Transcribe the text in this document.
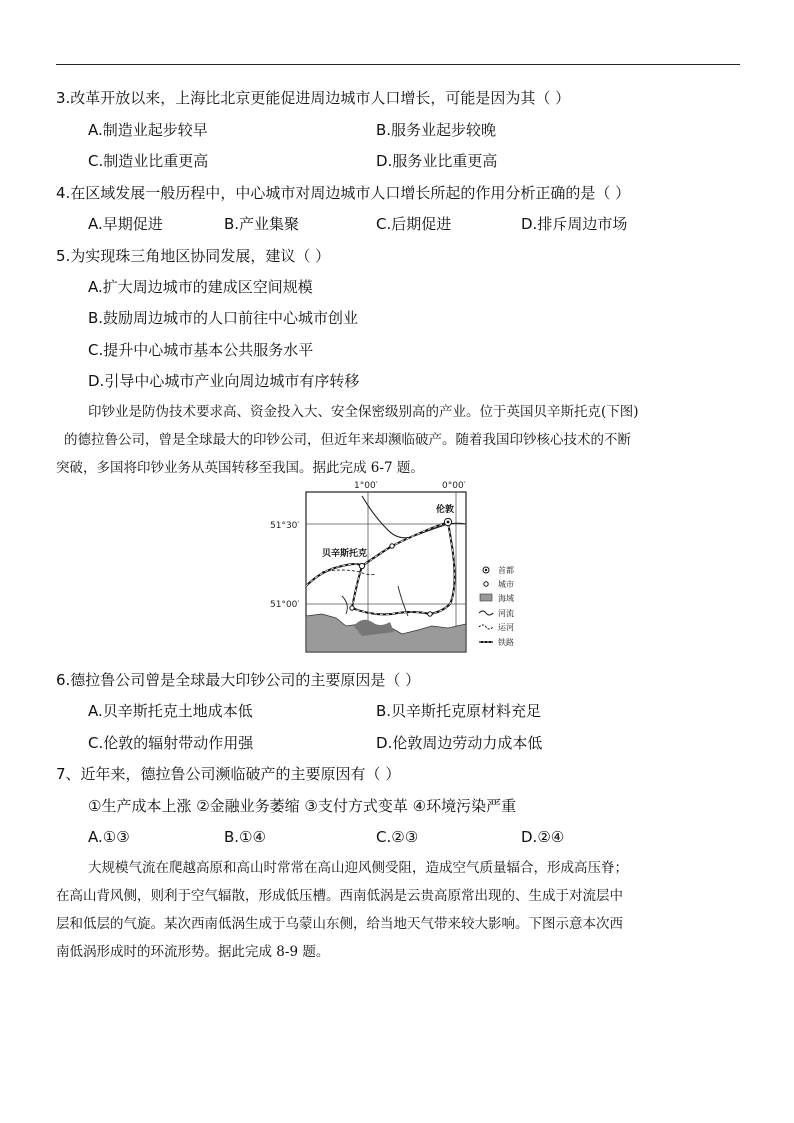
3.改革开放以来，上海比北京更能促进周边城市人口增长，可能是因为其（ ）
A.制造业起步较早	B.服务业起步较晚
C.制造业比重更高	D.服务业比重更高
4.在区域发展一般历程中，中心城市对周边城市人口增长所起的作用分析正确的是（ ）
A.早期促进	B.产业集聚	C.后期促进	D.排斥周边市场
5.为实现珠三角地区协同发展，建议（ ）
A.扩大周边城市的建成区空间规模
B.鼓励周边城市的人口前往中心城市创业
C.提升中心城市基本公共服务水平
D.引导中心城市产业向周边城市有序转移
印钞业是防伪技术要求高、资金投入大、安全保密级别高的产业。位于英国贝辛斯托克(下图)
的德拉鲁公司，曾是全球最大的印钞公司，但近年来却濒临破产。随着我国印钞核心技术的不断
突破，多国将印钞业务从英国转移至我国。据此完成 6-7 题。
1°00′	0°00′
51°30′
51°00′
伦敦
贝辛斯托克
首都
城市
海域
河流
运河
铁路
6.德拉鲁公司曾是全球最大印钞公司的主要原因是（ ）
A.贝辛斯托克土地成本低	B.贝辛斯托克原材料充足
C.伦敦的辐射带动作用强	D.伦敦周边劳动力成本低
7、近年来，德拉鲁公司濒临破产的主要原因有（ ）
①生产成本上涨 ②金融业务萎缩 ③支付方式变革 ④环境污染严重
A.①③	B.①④	C.②③	D.②④
大规模气流在爬越高原和高山时常常在高山迎风侧受阻，造成空气质量辐合，形成高压脊；
在高山背风侧，则利于空气辐散，形成低压槽。西南低涡是云贵高原常出现的、生成于对流层中
层和低层的气旋。某次西南低涡生成于乌蒙山东侧，给当地天气带来较大影响。下图示意本次西
南低涡形成时的环流形势。据此完成 8-9 题。
